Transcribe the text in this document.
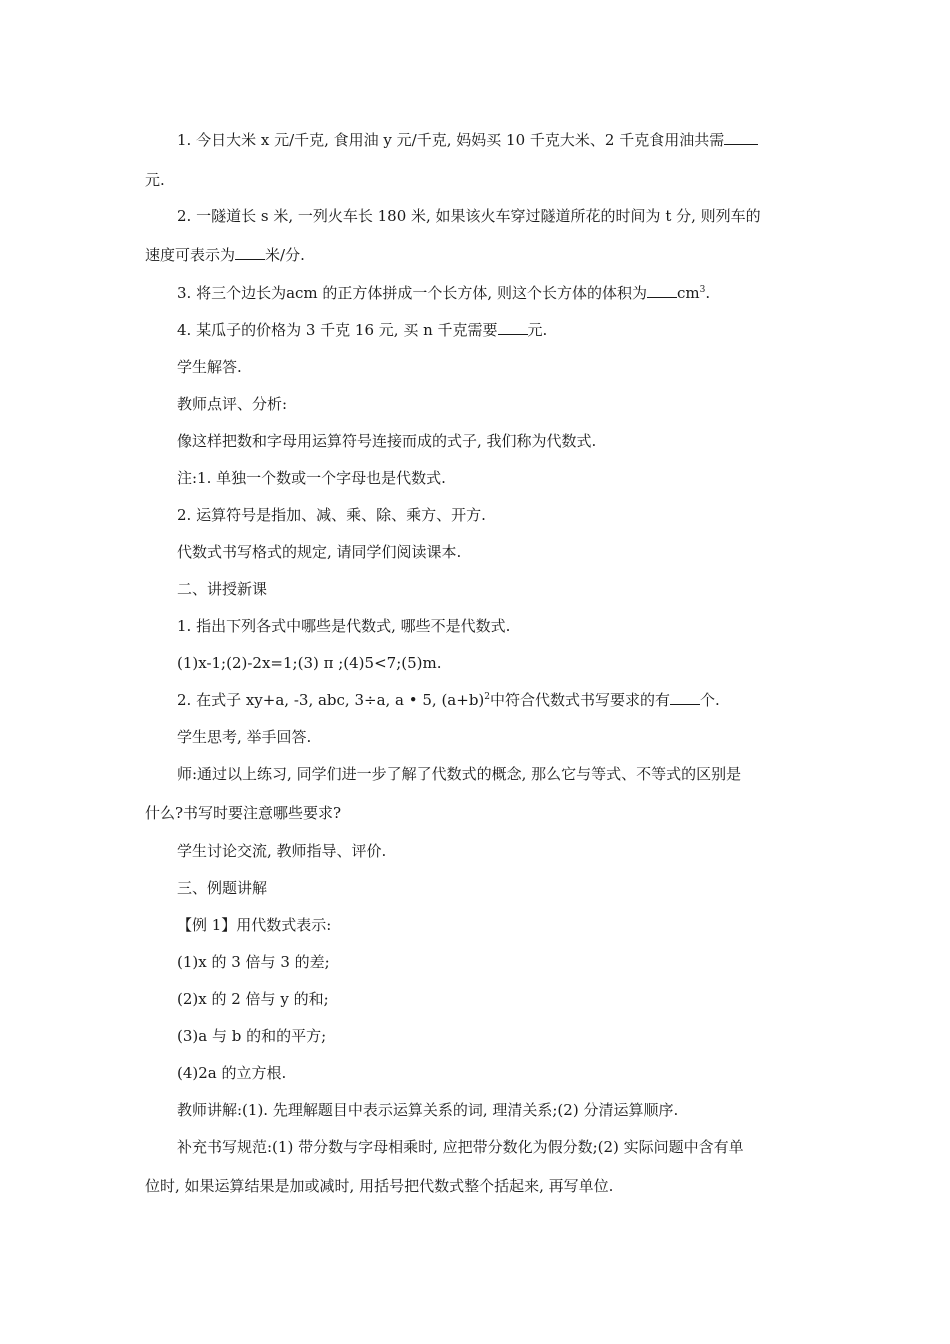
1. 今日大米 x 元/千克, 食用油 y 元/千克, 妈妈买 10 千克大米、2 千克食用油共需
元.
2. 一隧道长 s 米, 一列火车长 180 米, 如果该火车穿过隧道所花的时间为 t 分, 则列车的
速度可表示为 米/分.
3. 将三个边长为acm 的正方体拼成一个长方体, 则这个长方体的体积为 $cm^3$.
4. 某瓜子的价格为 3 千克 16 元, 买 n 千克需要 元.
学生解答.
教师点评、分析:
像这样把数和字母用运算符号连接而成的式子, 我们称为代数式.
注:1. 单独一个数或一个字母也是代数式.
2. 运算符号是指加、减、乘、除、乘方、开方.
代数式书写格式的规定, 请同学们阅读课本.
二、讲授新课
1. 指出下列各式中哪些是代数式, 哪些不是代数式.
(1)x-1;(2)-2x=1;(3) π ;(4)5<7;(5)m.
2. 在式子 xy+a, -3, abc, 3÷a, a • 5, $(a+b)^2$中符合代数式书写要求的有 个.
学生思考, 举手回答.
师:通过以上练习, 同学们进一步了解了代数式的概念, 那么它与等式、不等式的区别是
什么?书写时要注意哪些要求?
学生讨论交流, 教师指导、评价.
三、例题讲解
【例 1】用代数式表示:
(1)x 的 3 倍与 3 的差;
(2)x 的 2 倍与 y 的和;
(3)a 与 b 的和的平方;
(4)2a 的立方根.
教师讲解:(1). 先理解题目中表示运算关系的词, 理清关系;(2) 分清运算顺序.
补充书写规范:(1) 带分数与字母相乘时, 应把带分数化为假分数;(2) 实际问题中含有单
位时, 如果运算结果是加或减时, 用括号把代数式整个括起来, 再写单位.
